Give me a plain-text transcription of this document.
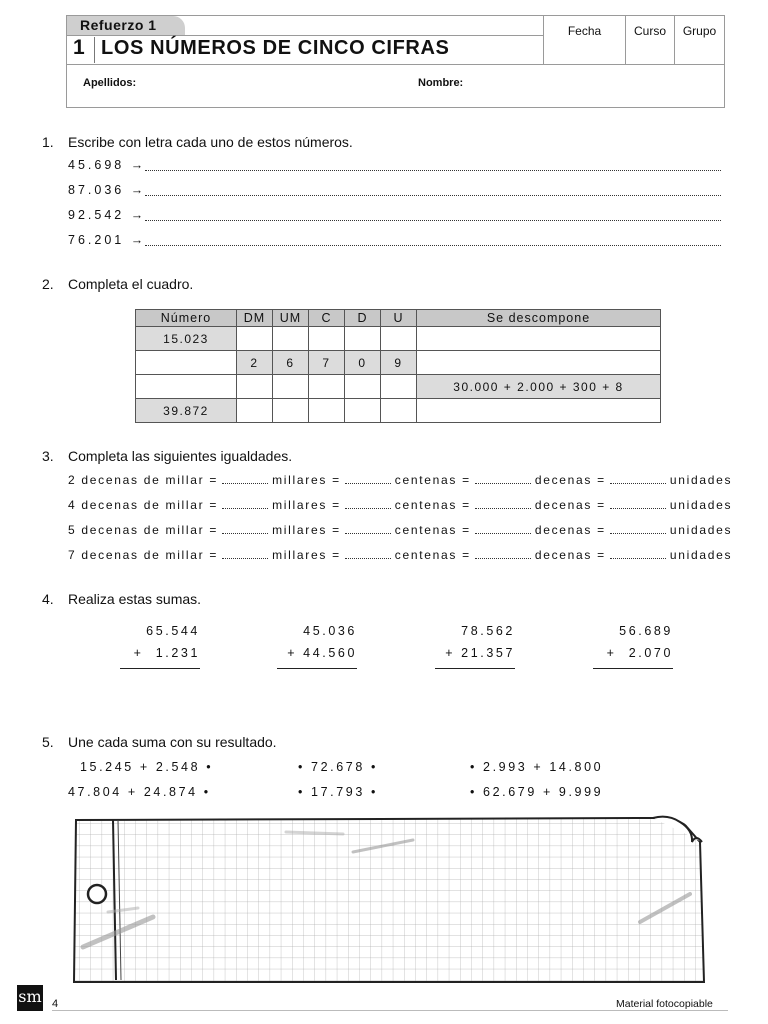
Refuerzo 1
1 LOS NÚMEROS DE CINCO CIFRAS
Fecha	Curso	Grupo
Apellidos:	Nombre:
1. Escribe con letra cada uno de estos números.
45.698 →
87.036 →
92.542 →
76.201 →
2. Completa el cuadro.
Número	DM	UM	C	D	U	Se descompone
15.023						
	2	6	7	0	9	
						30.000 + 2.000 + 300 + 8
39.872						
3. Completa las siguientes igualdades.
2 decenas de millar =	millares =	centenas =	decenas =	unidades
4 decenas de millar =	millares =	centenas =	decenas =	unidades
5 decenas de millar =	millares =	centenas =	decenas =	unidades
7 decenas de millar =	millares =	centenas =	decenas =	unidades
4. Realiza estas sumas.
65.544
+  1.231
45.036
+ 44.560
78.562
+ 21.357
56.689
+  2.070
5. Une cada suma con su resultado.
15.245 + 2.548 •
47.804 + 24.874 •
• 72.678 •
• 17.793 •
• 2.993 + 14.800
• 62.679 + 9.999
sm 4	Material fotocopiable
